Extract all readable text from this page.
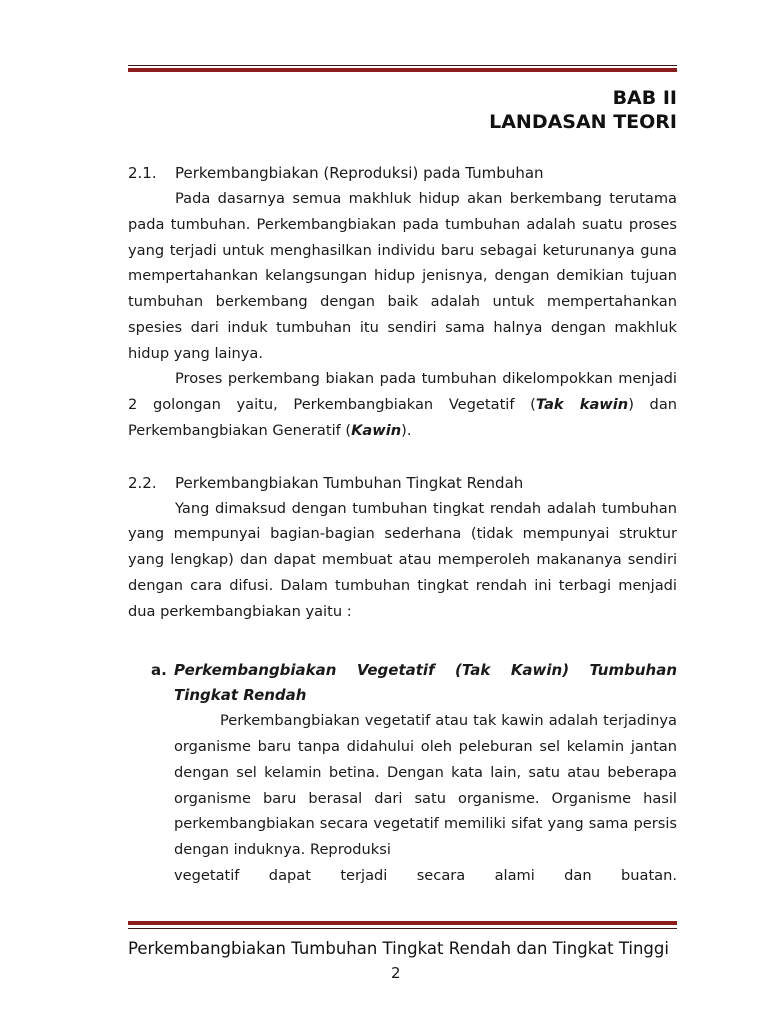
BAB II
LANDASAN TEORI
2.1. Perkembangbiakan (Reproduksi) pada Tumbuhan

Pada dasarnya semua makhluk hidup akan berkembang terutama pada tumbuhan. Perkembangbiakan pada tumbuhan adalah suatu proses yang terjadi untuk menghasilkan individu baru sebagai keturunanya guna mempertahankan kelangsungan hidup jenisnya, dengan demikian tujuan tumbuhan berkembang dengan baik adalah untuk mempertahankan spesies dari induk tumbuhan itu sendiri sama halnya dengan makhluk hidup yang lainya.

Proses perkembang biakan pada tumbuhan dikelompokkan menjadi 2 golongan yaitu, Perkembangbiakan Vegetatif (Tak kawin) dan Perkembangbiakan Generatif (Kawin).

2.2. Perkembangbiakan Tumbuhan Tingkat Rendah

Yang dimaksud dengan tumbuhan tingkat rendah adalah tumbuhan yang mempunyai bagian-bagian sederhana (tidak mempunyai struktur yang lengkap) dan dapat membuat atau memperoleh makananya sendiri dengan cara difusi. Dalam tumbuhan tingkat rendah ini terbagi menjadi dua perkembangbiakan yaitu :

a. Perkembangbiakan Vegetatif (Tak Kawin) Tumbuhan
Tingkat Rendah

Perkembangbiakan vegetatif atau tak kawin adalah terjadinya organisme baru tanpa didahului oleh peleburan sel kelamin jantan dengan sel kelamin betina. Dengan kata lain, satu atau beberapa organisme baru berasal dari satu organisme. Organisme hasil perkembangbiakan secara vegetatif memiliki sifat yang sama persis dengan induknya. Reproduksi

vegetatif dapat terjadi secara alami dan buatan.

Perkembangbiakan Tumbuhan Tingkat Rendah dan Tingkat Tinggi
2
